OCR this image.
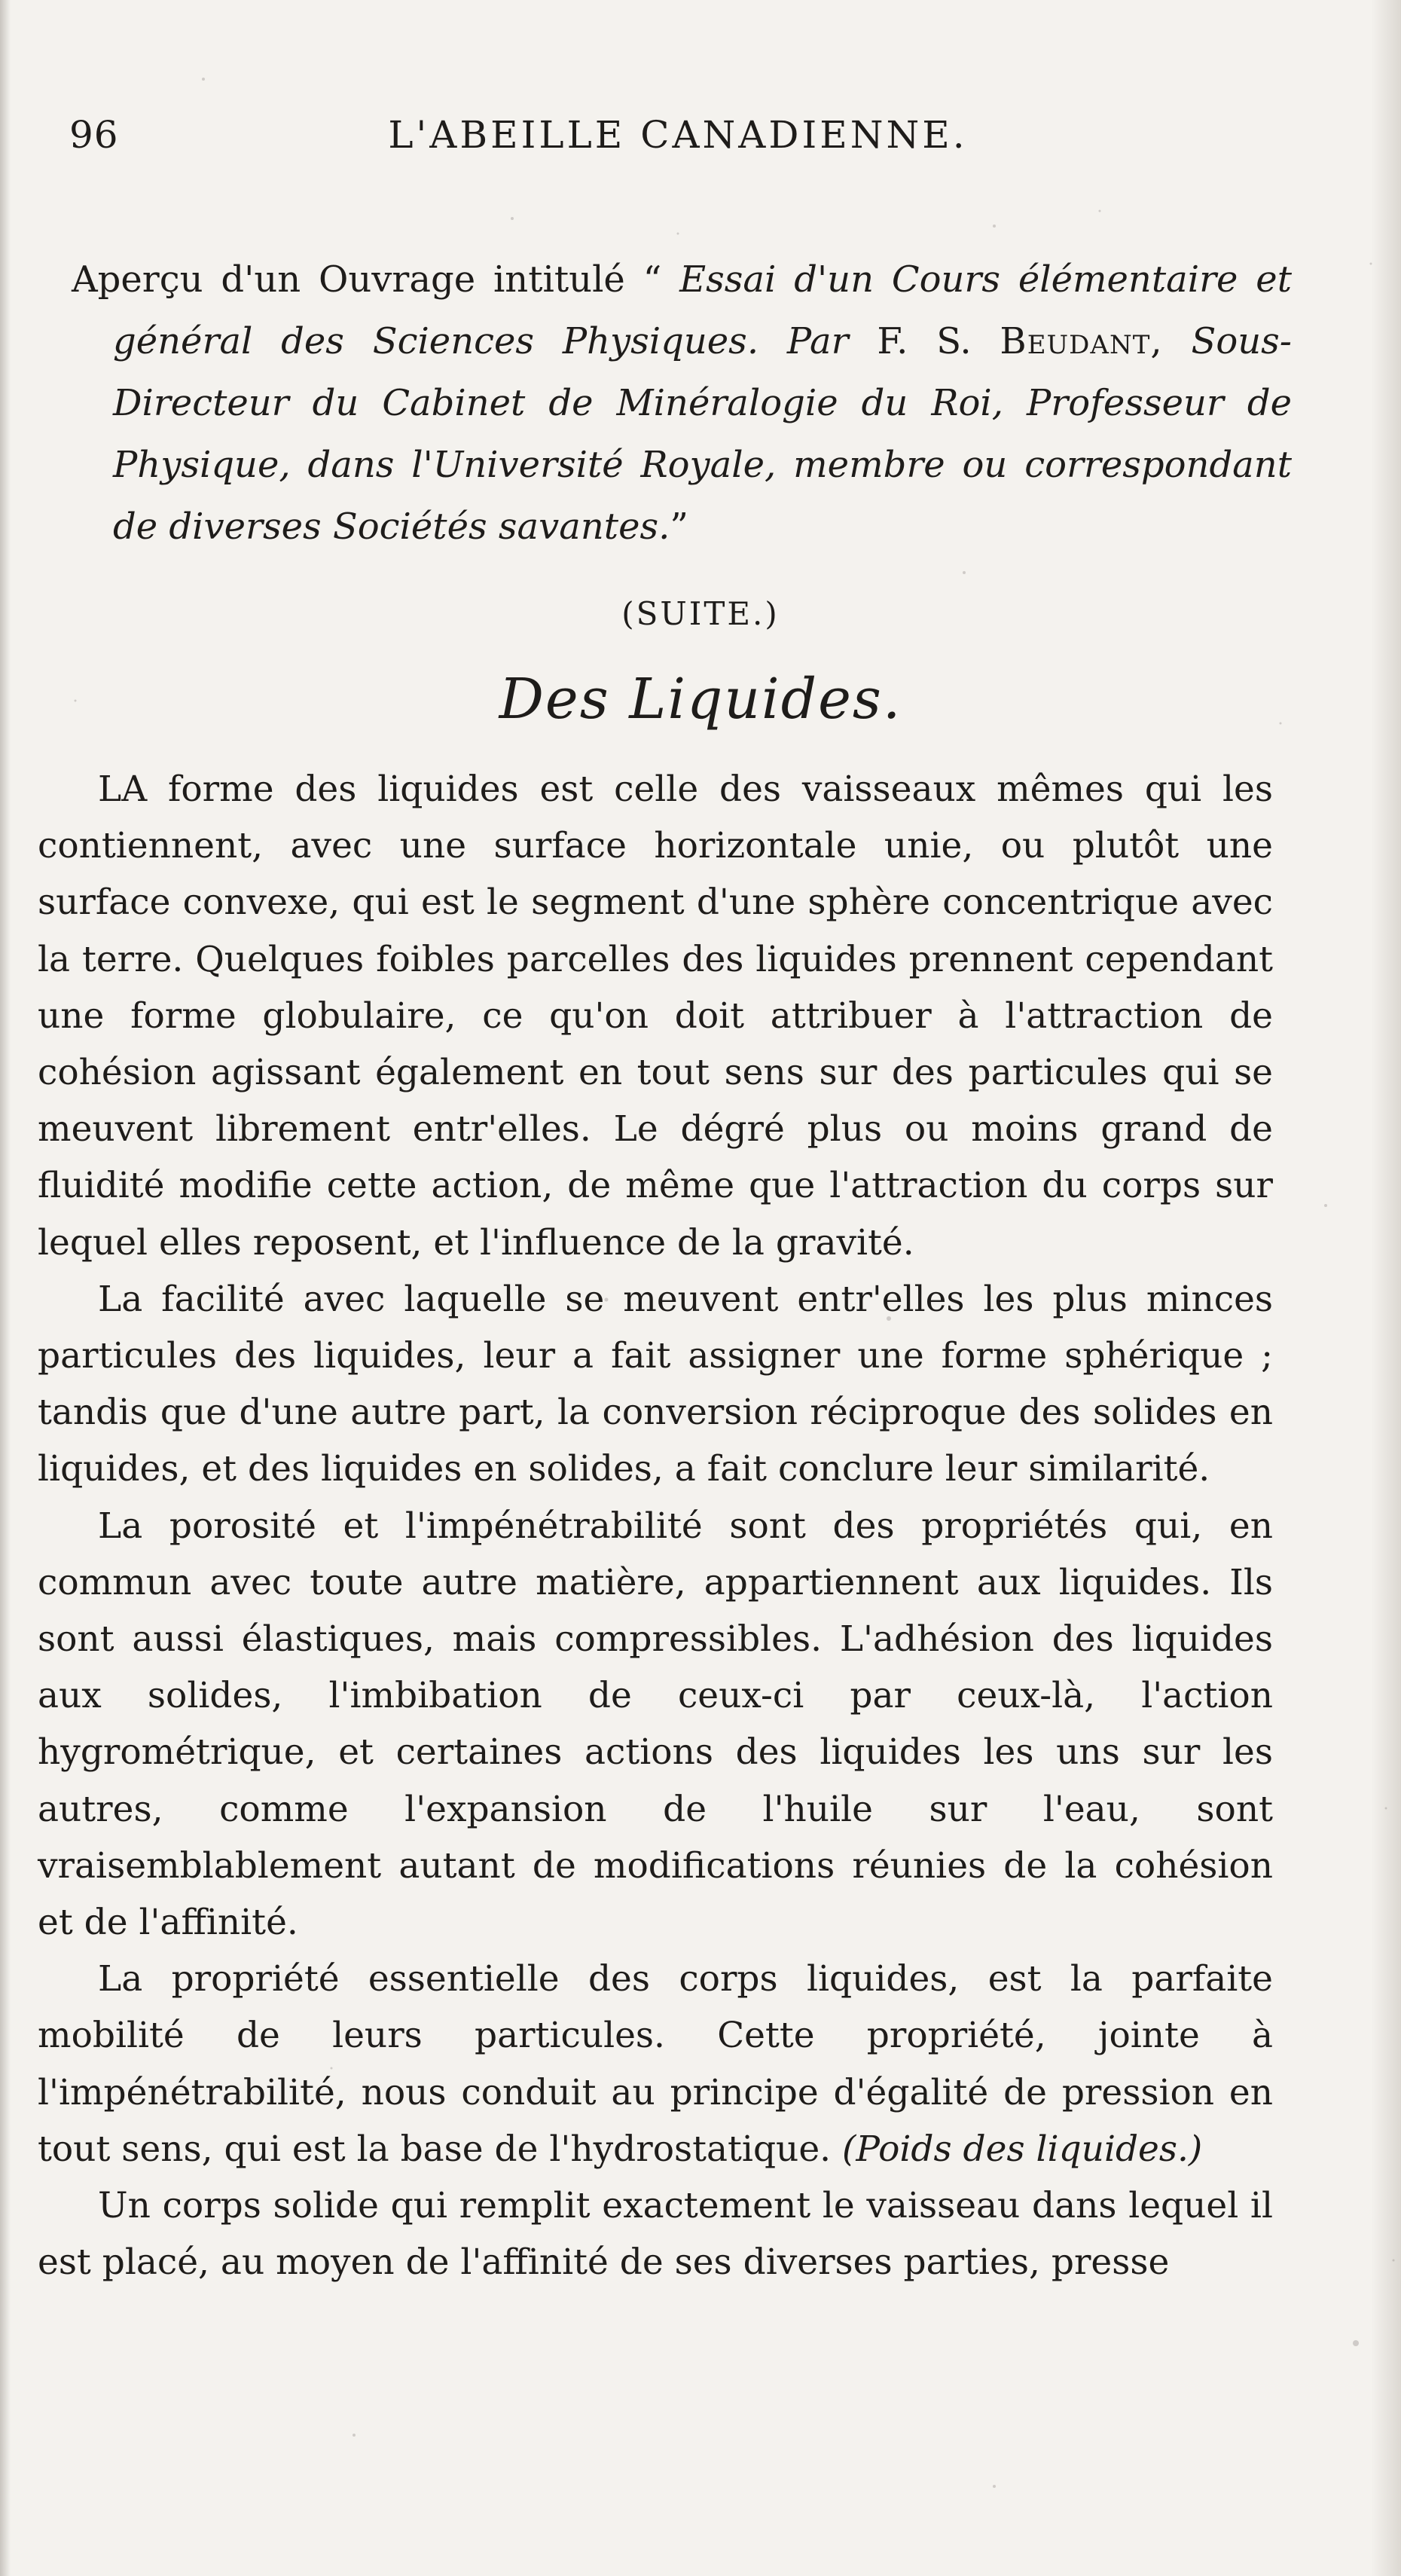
96	L'ABEILLE CANADIENNE.
Aperçu d'un Ouvrage intitulé “ Essai d'un Cours élémentaire et général des Sciences Physiques. Par F. S. Beudant, Sous-Directeur du Cabinet de Minéralogie du Roi, Professeur de Physique, dans l'Université Royale, membre ou correspondant de diverses Sociétés savantes.”
(SUITE.)
Des Liquides.

LA forme des liquides est celle des vaisseaux mêmes qui les contiennent, avec une surface horizontale unie, ou plutôt une surface convexe, qui est le segment d'une sphère concentrique avec la terre. Quelques foibles parcelles des liquides prennent cependant une forme globulaire, ce qu'on doit attribuer à l'attraction de cohésion agissant également en tout sens sur des particules qui se meuvent librement entr'elles. Le dégré plus ou moins grand de fluidité modifie cette action, de même que l'attraction du corps sur lequel elles reposent, et l'influence de la gravité.

La facilité avec laquelle se meuvent entr'elles les plus minces particules des liquides, leur a fait assigner une forme sphérique ; tandis que d'une autre part, la conversion réciproque des solides en liquides, et des liquides en solides, a fait conclure leur similarité.

La porosité et l'impénétrabilité sont des propriétés qui, en commun avec toute autre matière, appartiennent aux liquides. Ils sont aussi élastiques, mais compressibles. L'adhésion des liquides aux solides, l'imbibation de ceux-ci par ceux-là, l'action hygrométrique, et certaines actions des liquides les uns sur les autres, comme l'expansion de l'huile sur l'eau, sont vraisemblablement autant de modifications réunies de la cohésion et de l'affinité.

La propriété essentielle des corps liquides, est la parfaite mobilité de leurs particules. Cette propriété, jointe à l'impénétrabilité, nous conduit au principe d'égalité de pression en tout sens, qui est la base de l'hydrostatique. (Poids des liquides.)

Un corps solide qui remplit exactement le vaisseau dans lequel il est placé, au moyen de l'affinité de ses diverses parties, presse
